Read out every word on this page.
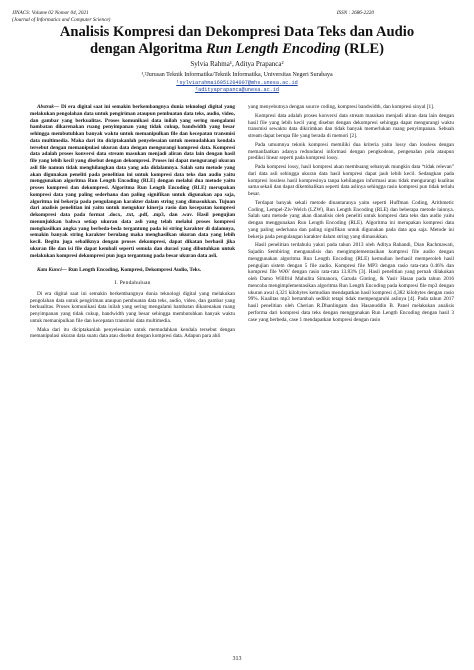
JINACS: Volume 02 Nomor 04, 2021
(Journal of Informatics and Computer Science)
ISSN : 2686-2220
Analisis Kompresi dan Dekompresi Data Teks dan Audio
dengan Algoritma Run Length Encoding (RLE)
Sylvia Rahma¹, Aditya Prapanca²
¹,²Jurusan Teknik Informatika/Teknik Informatika, Universitas Negeri Surabaya
¹sylviarahma16051204007@mhs.unesa.ac.id
²adityaprapanca@unesa.ac.id

Abstrak— Di era digital saat ini semakin berkembangnya dunia teknologi digital yang melakukan pengolahan data untuk pengiriman ataupun pembuatan data teks, audio, video, dan gambar yang berkualitas. Proses komunikasi data inilah yang sering mengalami hambatan dikarenakan ruang penyimpanan yang tidak cukup, bandwidth yang besar sehingga membutuhkan banyak waktu untuk memanipulkan file dan kecepatan transmisi data multimedia. Maka dari itu diciptakanlah penyelesaian untuk memudahkan kendala tersebut dengan memanipulasi ukuran data dengan mengurangi kompresi data. Kompresi data adalah proses konversi data stream masukan menjadi aliran data lain dengan hasil file yang lebih kecil yang disebut dengan dekompresi. Proses ini dapat mengurangi ukuran asli file namun tidak menghilangkan data yang ada didalamnya. Salah satu metode yang akan digunakan peneliti pada penelitian ini untuk kompresi data teks dan audio yaitu menggunakan algoritma Run Length Encoding (RLE) dengan melalui dua metode yaitu proses kompresi dan dekompresi. Algoritma Run Length Encoding (RLE) merupakan kompresi data yang paling sederhana dan paling signifikan untuk digunakan apa saja, algoritma ini bekerja pada pengulangan karakter dalam string yang dimasukkan. Tujuan dari analisis penelitian ini yaitu untuk mengukur kinerja rasio dan kecepatan kompresi dekompresi data pada format .docx, .txt, .pdf, .mp3, dan .wav. Hasil pengujian menunjukkan bahwa setiap ukuran data asli yang telah melalui proses kompresi menghasilkan angka yang berbeda-beda tergantung pada isi string karakter di dalamnya, semakin banyak string karakter berulang maka menghasilkan ukuran data yang lebih kecil. Begitu juga sebaliknya dengan proses dekompresi, dapat dikatan berhasil jika ukuran file dan isi file dapat kembali seperti semula dan durasi yang dibutuhkan untuk melakukan kompresi dekompresi pun juga tergantung pada besar ukuran data asli.

Kata Kunci— Run Length Encoding, Kompresi, Dekompresi Audio, Teks.

I. Pendahuluan

Di era digital saat ini semakin berkembangnya dunia teknologi digital yang melakukan pengolahan data untuk pengiriman ataupun pembuatan data teks, audio, video, dan gambar yang berkualitas. Proses komunikasi data inilah yang sering mengalami hambatan dikarenakan ruang penyimpanan yang tidak cukup, bandwidth yang besar sehingga membutuhkan banyak waktu untuk memanipulkan file dan kecepatan transmisi data multimedia.

Maka dari itu diciptakanlah penyelesaian untuk memudahkan kendala tersebut dengan memanipulasi ukuran data suatu data atau disebut dengan kompresi data. Adapun para ahli

yang menyebutnya dengan source coding, kompresi bandwidth, dan kompresi sinyal [1].

Kompresi data adalah proses konversi data stream masukan menjadi aliran data lain dengan hasil file yang lebih kecil yang disebut dengan dekompresi sehingga dapat mengurangi waktu transmisi sewaktu data dikirimkan dan tidak banyak memerlukan ruang penyimpanan. Sebuah stream dapat berupa file yang berada di memori [2].

Pada umumnya teknik kompresi memiliki dua kriteria yaitu lossy dan lossless dengan memanfaatkan adanya redundansi informasi dengan pengkodean, pengenalan pola ataupun prediksi linear seperti pada kompresi lossy.

Pada kompresi lossy, hasil kompresi akan membuang sebanyak mungkin data “tidak relevan” dari data asli sehingga ukuran data hasil kompresi dapat jauh lebih kecil. Sedangkan pada kompresi lossless hasil kompresinya tanpa kehilangan informasi atau tidak mengurangi kualitas sama sekali dan dapat dikembalikan seperti data aslinya sehingga rasio kompresi pun tidak terlalu besar.

Terdapat banyak sekali metode dinantaranya yaitu seperti Huffman Coding, Arithmetic Coding, Lempel-Ziv-Welch (LZW), Run Length Encoding (RLE) dan beberapa metode lainnya. Salah satu metode yang akan dianalisis oleh peneliti untuk kompresi data teks dan audio yaitu dengan menggunakan Run Length Encoding (RLE). Algoritma ini merupakan kompresi data yang paling sederhana dan paling signifikan untuk digunakan pada data apa saja. Metode ini bekerja pada pengulangan karakter dalam string yang dimasukkan.

Hasil penelitian terdahulu yakni pada tahun 2013 oleh Aditya Rahandi, Dian Rachmawati, Sajadin Sembiring menganalisis dan mengimplementasikan kompresi file audio dengan menggunakan algoritma Run Length Encoding (RLE) kemudian berhasil memperoleh hasil pengujian sistem dengan 5 file audio. Kompresi file MP3 dengan rasio rata-rata 0.46% dan kompresi file WAV dengan rasio rata-rata 13.83% [3]. Hasil penelitian yang pernah dilakukan oleh Damo Willfrid Mahulita Simanora, Garuda Ginting, & Yasir Hasan pada tahun 2016 mencoba mengimplementasikan algoritma Run Length Encoding pada kompresi file mp3 dengan ukuran awal 4,321 kilobytes kemudian mendapatkan hasil kompresi 4,382 kilobytes dengan rasio 99%. Kualitas mp3 bertambah sedikit tetapi tidak mempengaruhi aslinya [4]. Pada tahun 2017 hasil penelitian oleh Cherian R.Dhanlingam dan Hasanuddin B. Panel melakukan analisis performa dari kompresi data teks dengan menggunakan Run Length Encoding dengan hasil 3 case yang berbeda, case 1 mendapatkan kompresi dengan rasio

313
